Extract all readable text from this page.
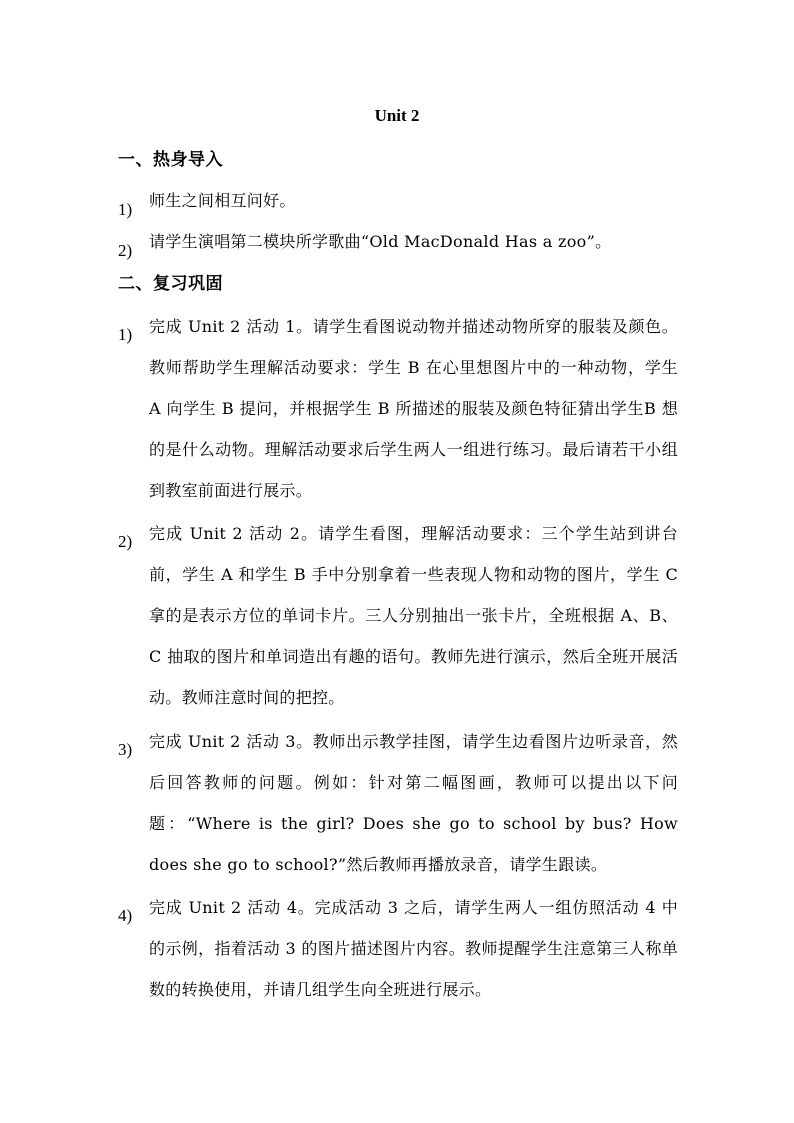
Unit 2
一、热身导入
1) 师生之间相互问好。
2) 请学生演唱第二模块所学歌曲“Old MacDonald Has a zoo”。
二、复习巩固
1) 完成 Unit 2 活动 1。请学生看图说动物并描述动物所穿的服装及颜色。教师帮助学生理解活动要求：学生 B 在心里想图片中的一种动物，学生 A 向学生 B 提问，并根据学生 B 所描述的服装及颜色特征猜出学生B 想的是什么动物。理解活动要求后学生两人一组进行练习。最后请若干小组到教室前面进行展示。
2) 完成 Unit 2 活动 2。请学生看图，理解活动要求：三个学生站到讲台前，学生 A 和学生 B 手中分别拿着一些表现人物和动物的图片，学生 C 拿的是表示方位的单词卡片。三人分别抽出一张卡片，全班根据 A、B、C 抽取的图片和单词造出有趣的语句。教师先进行演示，然后全班开展活动。教师注意时间的把控。
3) 完成 Unit 2 活动 3。教师出示教学挂图，请学生边看图片边听录音，然后回答教师的问题。例如：针对第二幅图画，教师可以提出以下问题：“Where is the girl? Does she go to school by bus? How does she go to school?”然后教师再播放录音，请学生跟读。
4) 完成 Unit 2 活动 4。完成活动 3 之后，请学生两人一组仿照活动 4 中的示例，指着活动 3 的图片描述图片内容。教师提醒学生注意第三人称单数的转换使用，并请几组学生向全班进行展示。
